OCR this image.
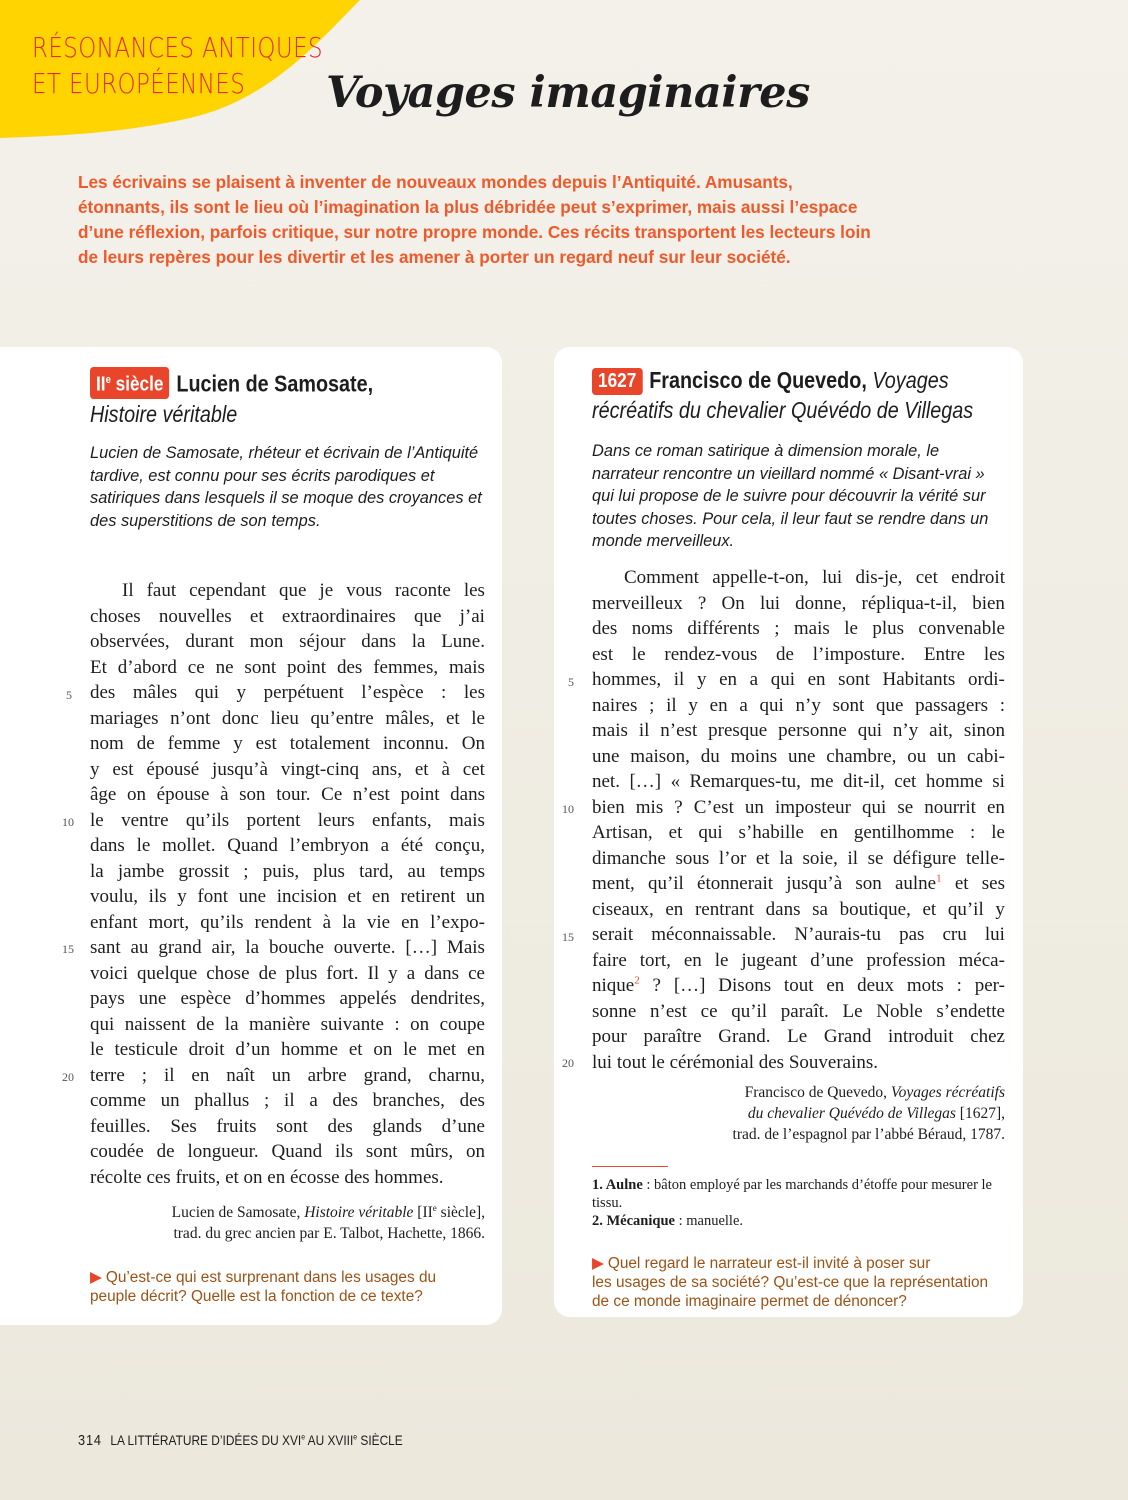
RÉSONANCES ANTIQUES
ET EUROPÉENNES	Voyages imaginaires

Les écrivains se plaisent à inventer de nouveaux mondes depuis l’Antiquité. Amusants, étonnants, ils sont le lieu où l’imagination la plus débridée peut s’exprimer, mais aussi l’espace d’une réflexion, parfois critique, sur notre propre monde. Ces récits transportent les lecteurs loin de leurs repères pour les divertir et les amener à porter un regard neuf sur leur société.

IIe siècle Lucien de Samosate,
Histoire véritable

Lucien de Samosate, rhéteur et écrivain de l’Antiquité tardive, est connu pour ses écrits parodiques et satiriques dans lesquels il se moque des croyances et des superstitions de son temps.

Il faut cependant que je vous raconte les
choses nouvelles et extraordinaires que j’ai
observées, durant mon séjour dans la Lune.
Et d’abord ce ne sont point des femmes, mais
des mâles qui y perpétuent l’espèce : les
mariages n’ont donc lieu qu’entre mâles, et le
nom de femme y est totalement inconnu. On
y est épousé jusqu’à vingt-cinq ans, et à cet
âge on épouse à son tour. Ce n’est point dans
le ventre qu’ils portent leurs enfants, mais
dans le mollet. Quand l’embryon a été conçu,
la jambe grossit ; puis, plus tard, au temps
voulu, ils y font une incision et en retirent un
enfant mort, qu’ils rendent à la vie en l’expo-
sant au grand air, la bouche ouverte. […] Mais
voici quelque chose de plus fort. Il y a dans ce
pays une espèce d’hommes appelés dendrites,
qui naissent de la manière suivante : on coupe
le testicule droit d’un homme et on le met en
terre ; il en naît un arbre grand, charnu,
comme un phallus ; il a des branches, des
feuilles. Ses fruits sont des glands d’une
coudée de longueur. Quand ils sont mûrs, on
récolte ces fruits, et on en écosse des hommes.
5
10
15
20
Lucien de Samosate, Histoire véritable [IIe siècle],
trad. du grec ancien par E. Talbot, Hachette, 1866.
▶ Qu’est-ce qui est surprenant dans les usages du peuple décrit? Quelle est la fonction de ce texte?
1627 Francisco de Quevedo, Voyages
récréatifs du chevalier Quévédo de Villegas

Dans ce roman satirique à dimension morale, le narrateur rencontre un vieillard nommé « Disant-vrai » qui lui propose de le suivre pour découvrir la vérité sur toutes choses. Pour cela, il leur faut se rendre dans un monde merveilleux.

Comment appelle-t-on, lui dis-je, cet endroit
merveilleux ? On lui donne, répliqua-t-il, bien
des noms différents ; mais le plus convenable
est le rendez-vous de l’imposture. Entre les
hommes, il y en a qui en sont Habitants ordi-
naires ; il y en a qui n’y sont que passagers :
mais il n’est presque personne qui n’y ait, sinon
une maison, du moins une chambre, ou un cabi-
net. […] « Remarques-tu, me dit-il, cet homme si
bien mis ? C’est un imposteur qui se nourrit en
Artisan, et qui s’habille en gentilhomme : le
dimanche sous l’or et la soie, il se défigure telle-
ment, qu’il étonnerait jusqu’à son aulne$^1$ et ses
ciseaux, en rentrant dans sa boutique, et qu’il y
serait méconnaissable. N’aurais-tu pas cru lui
faire tort, en le jugeant d’une profession méca-
nique$^2$ ? […] Disons tout en deux mots : per-
sonne n’est ce qu’il paraît. Le Noble s’endette
pour paraître Grand. Le Grand introduit chez
lui tout le cérémonial des Souverains.
5
10
15
20
Francisco de Quevedo, Voyages récréatifs
du chevalier Quévédo de Villegas [1627],
trad. de l’espagnol par l’abbé Béraud, 1787.
1. Aulne : bâton employé par les marchands d’étoffe pour mesurer le tissu.
2. Mécanique : manuelle.
▶ Quel regard le narrateur est-il invité à poser sur
les usages de sa société? Qu’est-ce que la représentation de ce monde imaginaire permet de dénoncer?
314 LA LITTÉRATURE D’IDÉES DU XVIe AU XVIIIe SIÈCLE
